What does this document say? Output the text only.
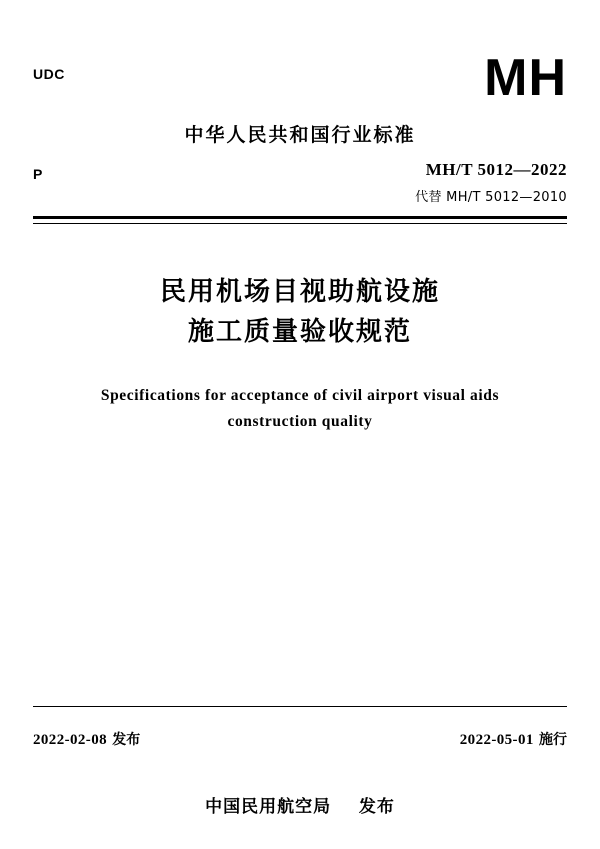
UDC
P
MH
中华人民共和国行业标准
MH/T 5012—2022
代替 MH/T 5012—2010
民用机场目视助航设施
施工质量验收规范
Specifications for acceptance of civil airport visual aids
construction quality
2022-02-08 发布	2022-05-01 施行
中国民用航空局 发布
